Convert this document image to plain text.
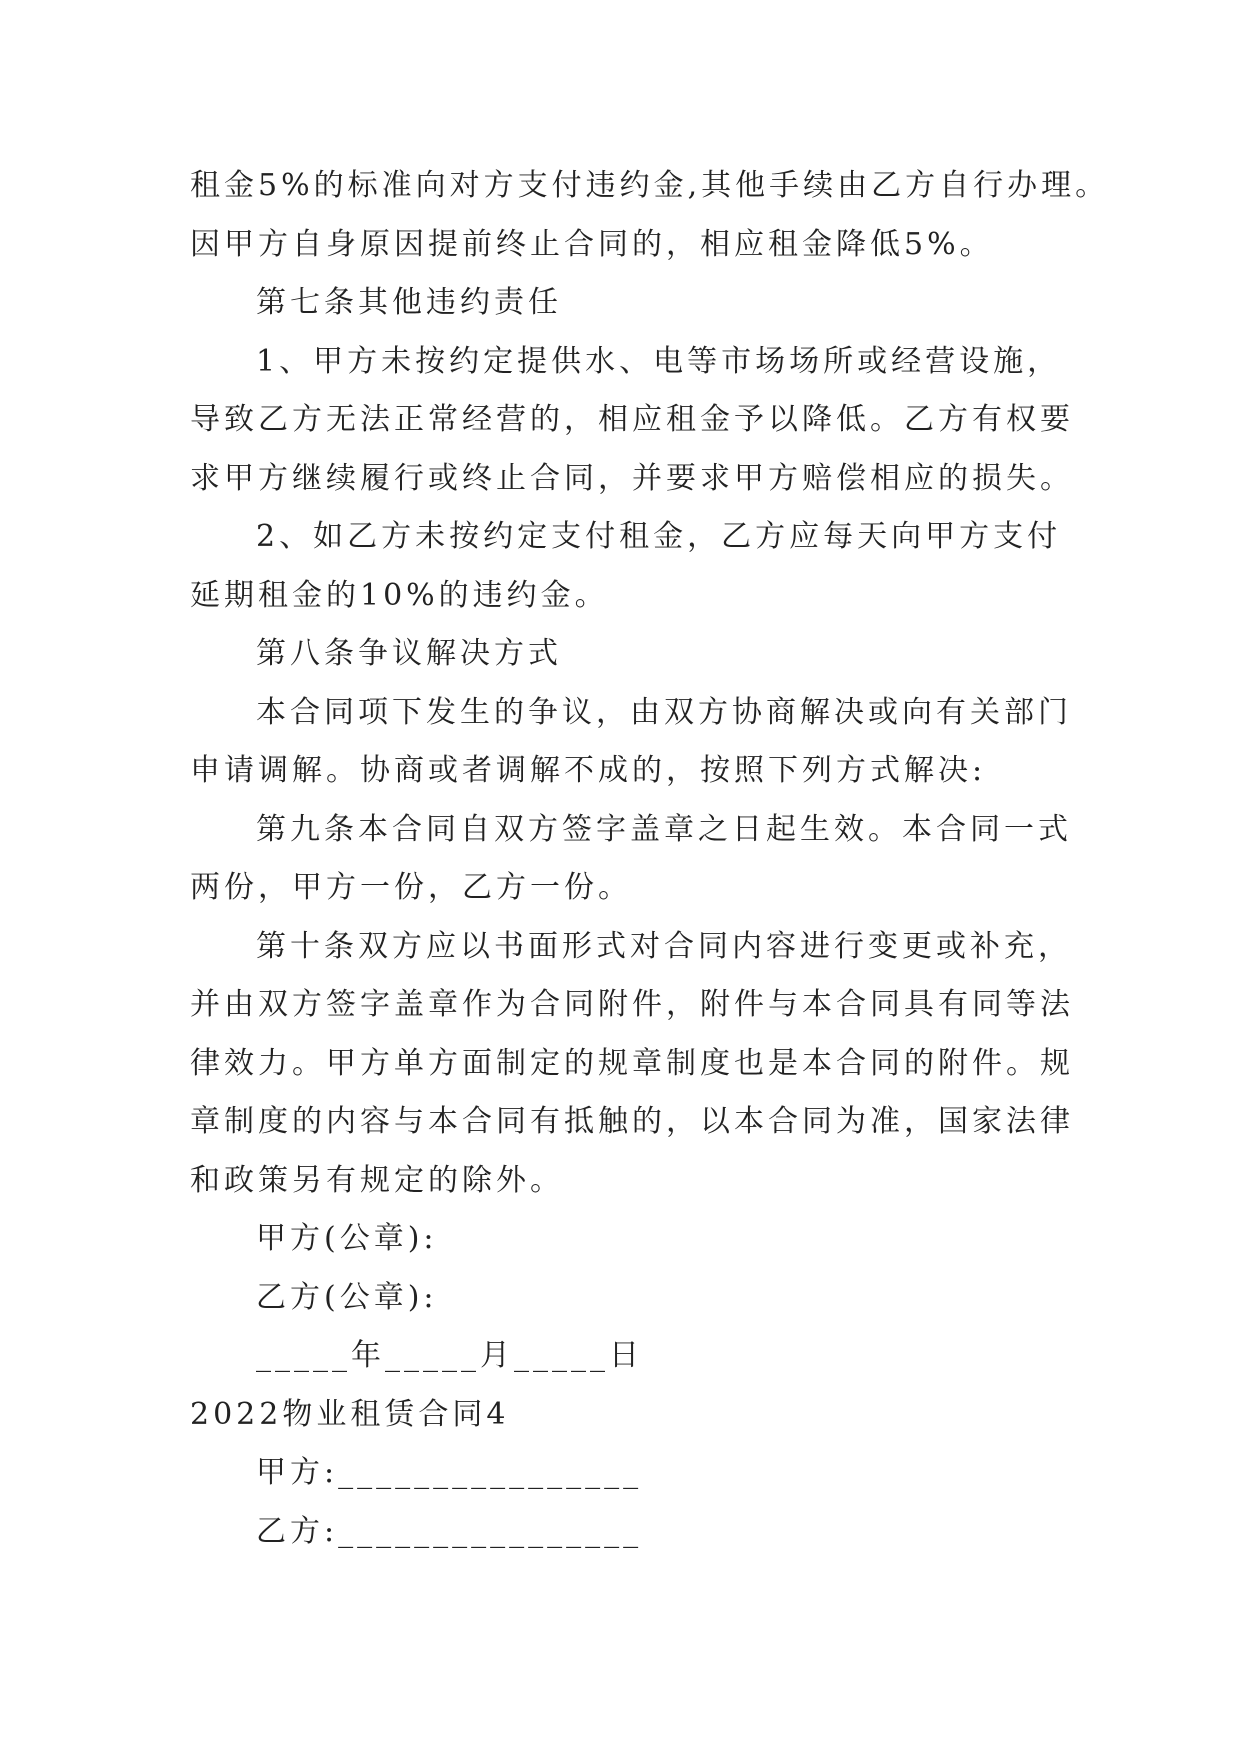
租金5%的标准向对方支付违约金,其他手续由乙方自行办理。
因甲方自身原因提前终止合同的，相应租金降低5%。
第七条其他违约责任
1、甲方未按约定提供水、电等市场场所或经营设施，
导致乙方无法正常经营的，相应租金予以降低。乙方有权要
求甲方继续履行或终止合同，并要求甲方赔偿相应的损失。
2、如乙方未按约定支付租金，乙方应每天向甲方支付
延期租金的10%的违约金。
第八条争议解决方式
本合同项下发生的争议，由双方协商解决或向有关部门
申请调解。协商或者调解不成的，按照下列方式解决:
第九条本合同自双方签字盖章之日起生效。本合同一式
两份，甲方一份，乙方一份。
第十条双方应以书面形式对合同内容进行变更或补充，
并由双方签字盖章作为合同附件，附件与本合同具有同等法
律效力。甲方单方面制定的规章制度也是本合同的附件。规
章制度的内容与本合同有抵触的，以本合同为准，国家法律
和政策另有规定的除外。
甲方(公章):
乙方(公章):
_____年_____月_____日
2022物业租赁合同4
甲方:________________
乙方:________________
